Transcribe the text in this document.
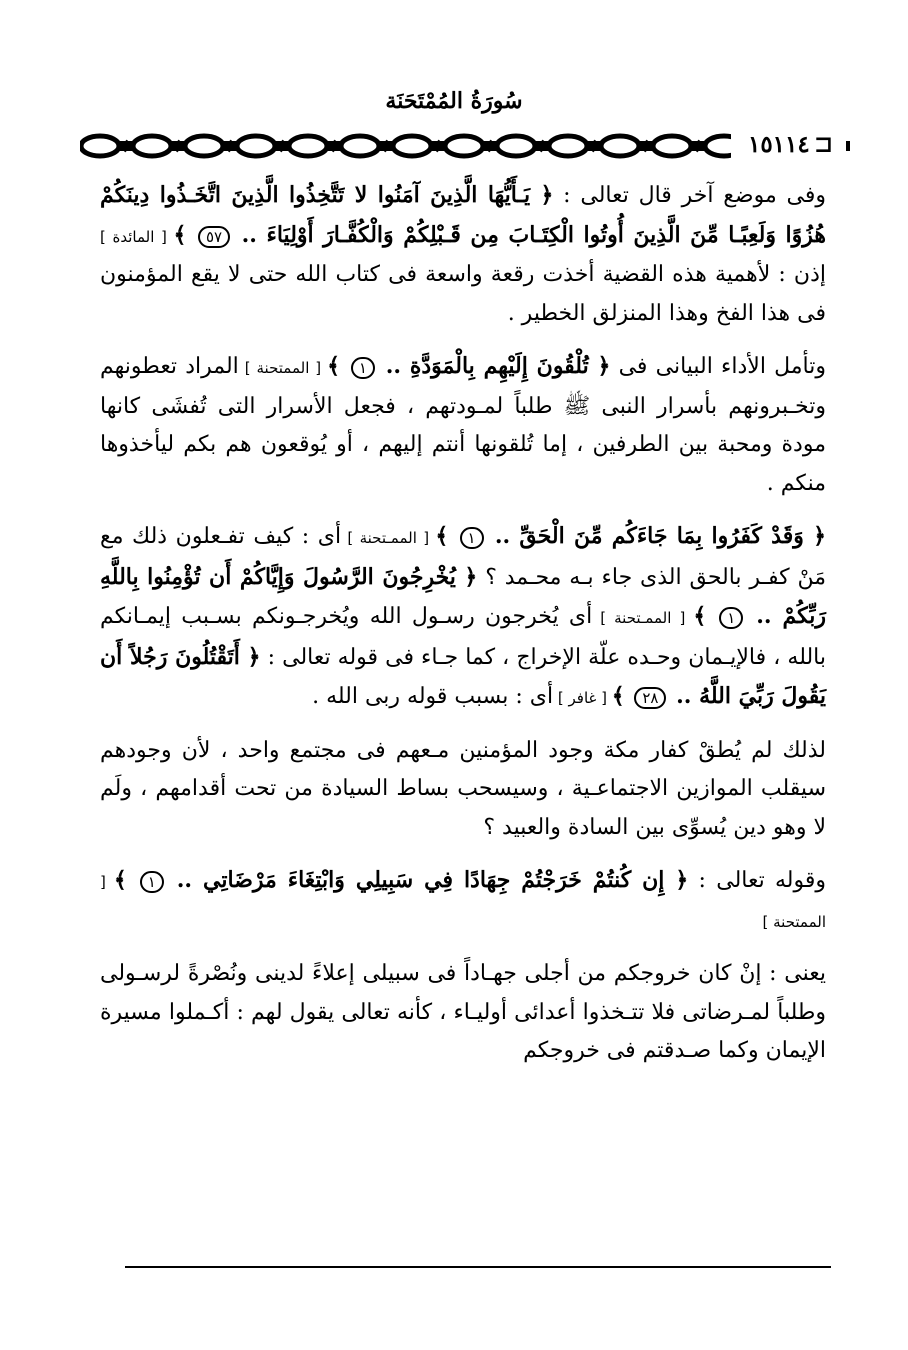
سُورَةُ المُمْتَحَنَة
⊏
١٥١١٤

وفى موضع آخر قال تعالى : ﴿ يَـأَيُّهَا الَّذِينَ آمَنُوا لا تَتَّخِذُوا الَّذِينَ اتَّخَـذُوا دِينَكُمْ هُزُوًا وَلَعِبًـا مِّنَ الَّذِينَ أُوتُوا الْكِتَـابَ مِن قَـبْلِكُمْ وَالْكُفَّـارَ أَوْلِيَاءَ .. ٥٧ ﴾ [ المائدة ] إذن : لأهمية هذه القضية أخذت رقعة واسعة فى كتاب الله حتى لا يقع المؤمنون فى هذا الفخ وهذا المنزلق الخطير .

وتأمل الأداء البيانى فى ﴿ تُلْقُونَ إِلَيْهِم بِالْمَوَدَّةِ .. ١ ﴾ [ الممتحنة ] المراد تعطونهم وتخـبرونهم بأسرار النبى ﷺ طلباً لمـودتهم ، فجعل الأسرار التى تُفشَى كانها مودة ومحبة بين الطرفين ، إما تُلقونها أنتم إليهم ، أو يُوقعون هم بكم ليأخذوها منكم .

﴿ وَقَدْ كَفَرُوا بِمَا جَاءَكُم مِّنَ الْحَقِّ .. ١ ﴾ [ الممـتحنة ] أى : كيف تفـعلون ذلك مع مَنْ كفـر بالحق الذى جاء بـه محـمد ؟ ﴿ يُخْرِجُونَ الرَّسُولَ وَإِيَّاكُمْ أَن تُؤْمِنُوا بِاللَّهِ رَبِّكُمْ .. ١ ﴾ [ الممـتحنة ] أى يُخرجون رسـول الله ويُخرجـونكم بسـبب إيمـانكم بالله ، فالإيـمان وحـده علّة الإخراج ، كما جـاء فى قوله تعالى : ﴿ أَتَقْتُلُونَ رَجُلاً أَن يَقُولَ رَبِّيَ اللَّهُ .. ٢٨ ﴾ [ غافر ] أى : بسبب قوله ربى الله .

لذلك لم يُطقْ كفار مكة وجود المؤمنين مـعهم فى مجتمع واحد ، لأن وجودهم سيقلب الموازين الاجتماعـية ، وسيسحب بساط السيادة من تحت أقدامهم ، ولَم لا وهو دين يُسوِّى بين السادة والعبيد ؟

وقوله تعالى : ﴿ إِن كُنتُمْ خَرَجْتُمْ جِهَادًا فِي سَبِيلِي وَابْتِغَاءَ مَرْضَاتِي .. ١ ﴾ [ الممتحنة ]

يعنى : إنْ كان خروجكم من أجلى جهـاداً فى سبيلى إعلاءً لدينى ونُصْرةً لرسـولى وطلباً لمـرضاتى فلا تتـخذوا أعدائى أوليـاء ، كأنه تعالى يقول لهم : أكـملوا مسيرة الإيمان وكما صـدقتم فى خروجكم
